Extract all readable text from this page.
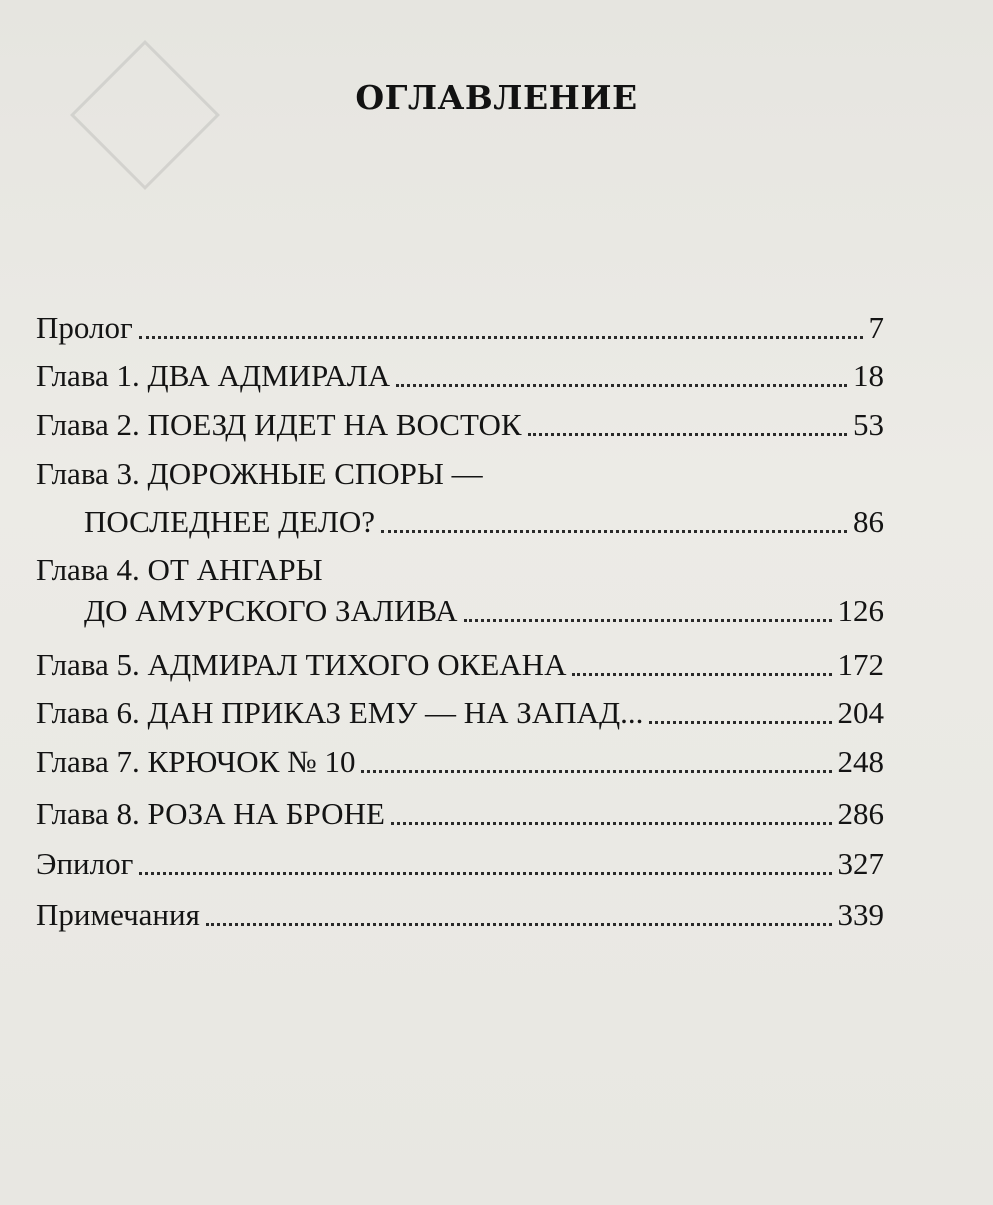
ОГЛАВЛЕНИЕ
Пролог	7
Глава 1. ДВА АДМИРАЛА	18
Глава 2. ПОЕЗД ИДЕТ НА ВОСТОК	53
Глава 3. ДОРОЖНЫЕ СПОРЫ —
ПОСЛЕДНЕЕ ДЕЛО?	86
Глава 4. ОТ АНГАРЫ
ДО АМУРСКОГО ЗАЛИВА	126
Глава 5. АДМИРАЛ ТИХОГО ОКЕАНА	172
Глава 6. ДАН ПРИКАЗ ЕМУ — НА ЗАПАД...	204
Глава 7. КРЮЧОК № 10	248
Глава 8. РОЗА НА БРОНЕ	286
Эпилог	327
Примечания	339
